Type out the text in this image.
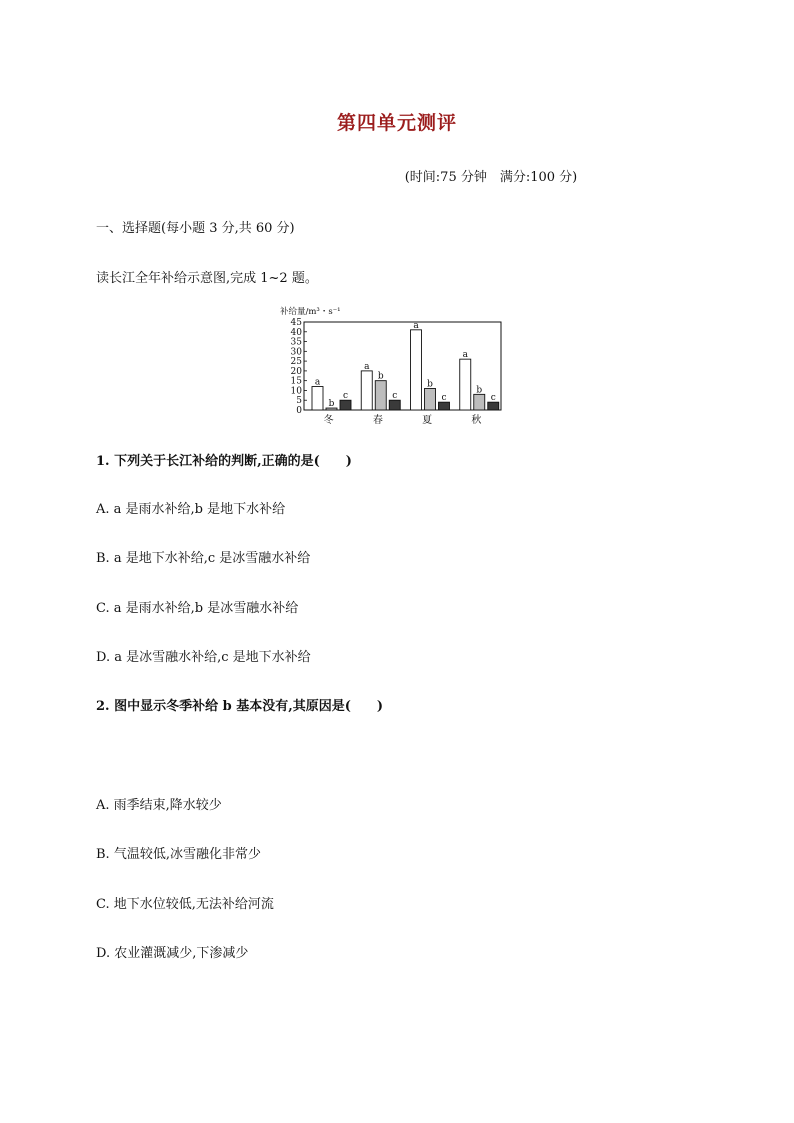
第四单元测评
(时间:75 分钟　满分:100 分)
一、选择题(每小题 3 分,共 60 分)
读长江全年补给示意图,完成 1~2 题。
补给量/m³・s⁻¹
0
5
10
15
20
25
30
35
40
45
a
b
c
冬
a
b
c
春
a
b
c
夏
a
b
c
秋
1. 下列关于长江补给的判断,正确的是(　　)
A. a 是雨水补给,b 是地下水补给
B. a 是地下水补给,c 是冰雪融水补给
C. a 是雨水补给,b 是冰雪融水补给
D. a 是冰雪融水补给,c 是地下水补给
2. 图中显示冬季补给 b 基本没有,其原因是(　　)
A. 雨季结束,降水较少
B. 气温较低,冰雪融化非常少
C. 地下水位较低,无法补给河流
D. 农业灌溉减少,下渗减少
